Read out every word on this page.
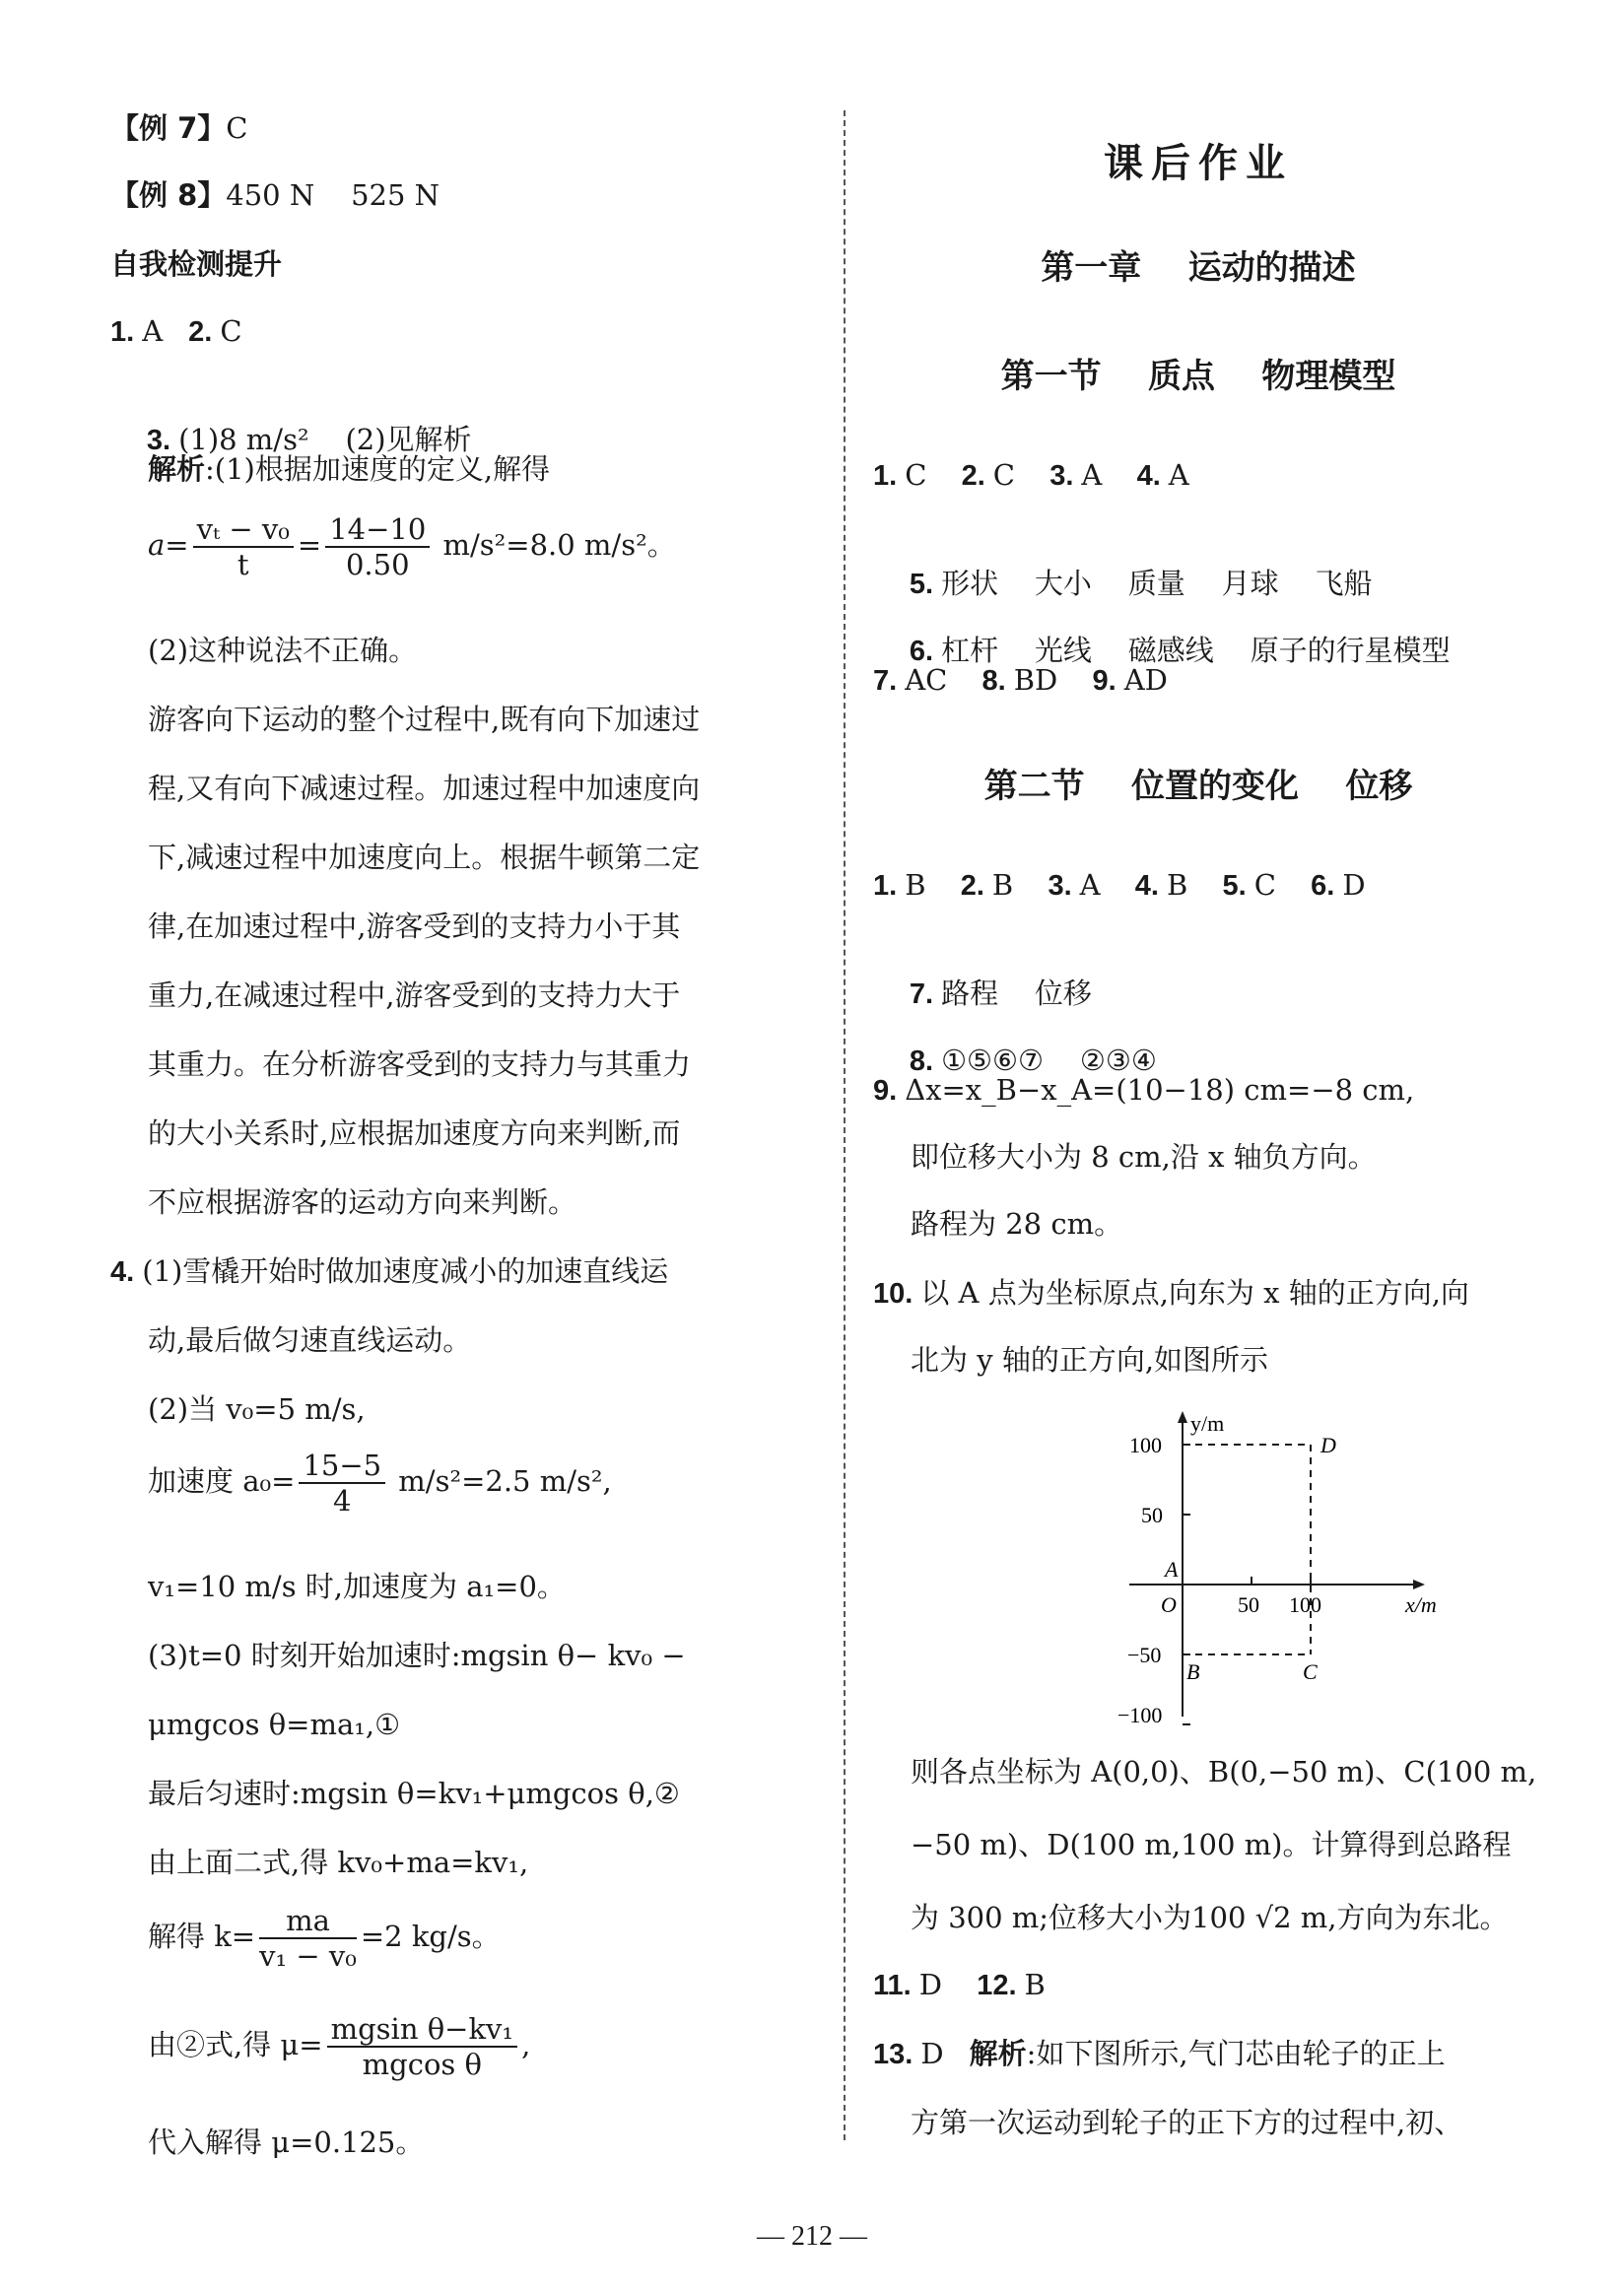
【例 7】C
【例 8】450 N    525 N
自我检测提升
1. A 2. C

3. (1)8 m/s²    (2)见解析

解析:(1)根据加速度的定义,解得
$a= \frac{\text{vₜ − v₀}}{t} = \frac{14-10}{0.50} m/s^2=8.0$ m/s²。
(2)这种说法不正确。
游客向下运动的整个过程中,既有向下加速过
程,又有向下减速过程。加速过程中加速度向
下,减速过程中加速度向上。根据牛顿第二定
律,在加速过程中,游客受到的支持力小于其
重力,在减速过程中,游客受到的支持力大于
其重力。在分析游客受到的支持力与其重力
的大小关系时,应根据加速度方向来判断,而
不应根据游客的运动方向来判断。
4. (1)雪橇开始时做加速度减小的加速直线运
动,最后做匀速直线运动。
(2)当 v₀=5 m/s,
加速度 $a_0= \frac{15-5}{4} m/s^2=2.5$ m/s²,
v₁=10 m/s 时,加速度为 a₁=0。
(3)t=0 时刻开始加速时:mgsin θ− kv₀ −
μmgcos θ=ma₁,①
最后匀速时:mgsin θ=kv₁+μmgcos θ,②
由上面二式,得 kv₀+ma=kv₁,
解得 $k= \frac{ma}{\text{v₁ − v₀}} =2$ kg/s。
由②式,得 $\mu= \frac{\text{mgsin θ−kv₁}}{\text{mgcos θ}}$ ,
代入解得 μ=0.125。
课后作业
第一章    运动的描述
第一节    质点    物理模型
1. C 2. C 3. A 4. A

5. 形状    大小    质量    月球    飞船

6. 杠杆    光线    磁感线    原子的行星模型

7. AC 8. BD 9. AD
第二节    位置的变化    位移
1. B 2. B 3. A 4. B 5. C 6. D

7. 路程    位移

8. ①⑤⑥⑦    ②③④

9. Δx=x_B−x_A=(10−18) cm=−8 cm,
即位移大小为 8 cm,沿 x 轴负方向。
路程为 28 cm。
10. 以 A 点为坐标原点,向东为 x 轴的正方向,向
北为 y 轴的正方向,如图所示
y/m
x/m
O
100
50
−50
−100
50 100
A
B	C
D
则各点坐标为 A(0,0)、B(0,−50 m)、C(100 m,
−50 m)、D(100 m,100 m)。计算得到总路程
为 300 m;位移大小为100 √2 m,方向为东北。
11. D 12. B
13. D 解析:如下图所示,气门芯由轮子的正上
方第一次运动到轮子的正下方的过程中,初、
— 212 —
